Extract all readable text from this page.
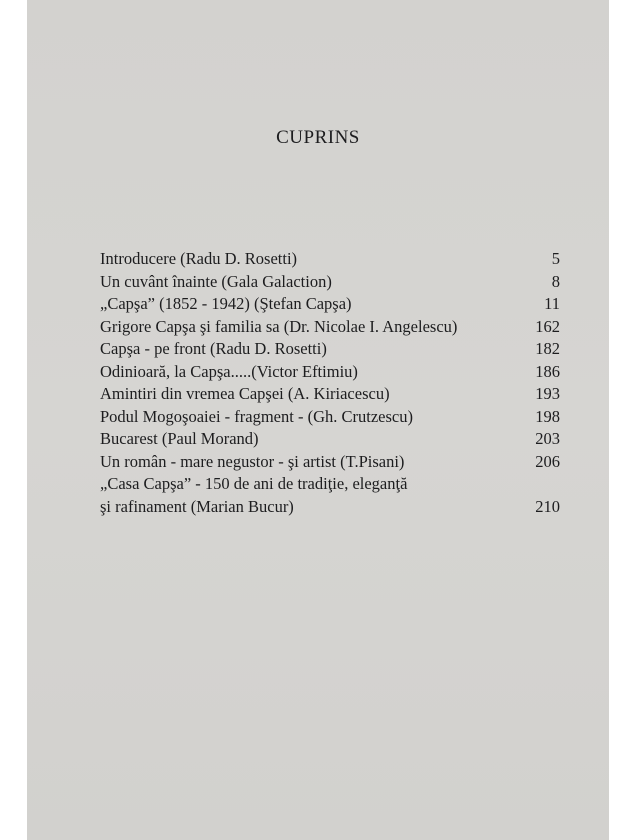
CUPRINS
Introducere (Radu D. Rosetti)	5
Un cuvânt înainte (Gala Galaction)	8
„Capşa” (1852 - 1942) (Ştefan Capşa)	11
Grigore Capşa şi familia sa (Dr. Nicolae I. Angelescu)	162
Capşa - pe front (Radu D. Rosetti)	182
Odinioară, la Capşa.....(Victor Eftimiu)	186
Amintiri din vremea Capşei (A. Kiriacescu)	193
Podul Mogoşoaiei - fragment - (Gh. Crutzescu)	198
Bucarest (Paul Morand)	203
Un român - mare negustor - şi artist (T.Pisani)	206
„Casa Capşa” - 150 de ani de tradiţie, eleganţă
şi rafinament (Marian Bucur)	210
